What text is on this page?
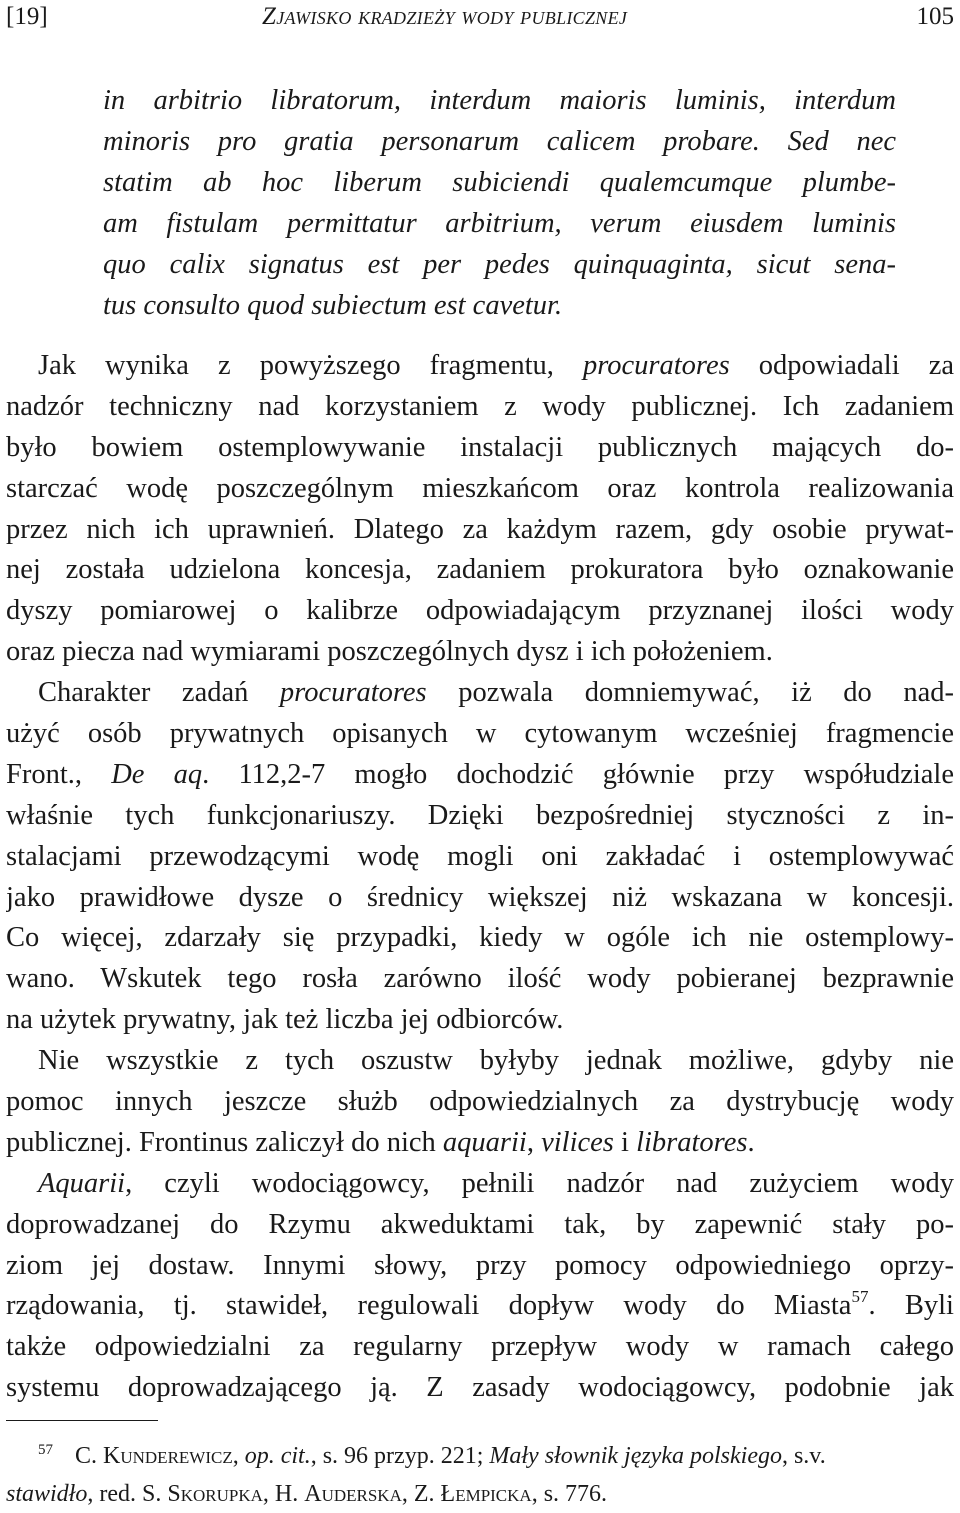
[19]	Zjawisko kradzieży wody publicznej	105
in arbitrio libratorum, interdum maioris luminis, interdum
minoris pro gratia personarum calicem probare. Sed nec
statim ab hoc liberum subiciendi qualemcumque plumbe-
am fistulam permittatur arbitrium, verum eiusdem luminis
quo calix signatus est per pedes quinquaginta, sicut sena-
tus consulto quod subiectum est cavetur.
Jak wynika z powyższego fragmentu, procuratores odpowiadali za
nadzór techniczny nad korzystaniem z wody publicznej. Ich zadaniem
było bowiem ostemplowywanie instalacji publicznych mających do-
starczać wodę poszczególnym mieszkańcom oraz kontrola realizowania
przez nich ich uprawnień. Dlatego za każdym razem, gdy osobie prywat-
nej została udzielona koncesja, zadaniem prokuratora było oznakowanie
dyszy pomiarowej o kalibrze odpowiadającym przyznanej ilości wody
oraz piecza nad wymiarami poszczególnych dysz i ich położeniem.
Charakter zadań procuratores pozwala domniemywać, iż do nad-
użyć osób prywatnych opisanych w cytowanym wcześniej fragmencie
Front., De aq. 112,2-7 mogło dochodzić głównie przy współudziale
właśnie tych funkcjonariuszy. Dzięki bezpośredniej styczności z in-
stalacjami przewodzącymi wodę mogli oni zakładać i ostemplowywać
jako prawidłowe dysze o średnicy większej niż wskazana w koncesji.
Co więcej, zdarzały się przypadki, kiedy w ogóle ich nie ostemplowy-
wano. Wskutek tego rosła zarówno ilość wody pobieranej bezprawnie
na użytek prywatny, jak też liczba jej odbiorców.
Nie wszystkie z tych oszustw byłyby jednak możliwe, gdyby nie
pomoc innych jeszcze służb odpowiedzialnych za dystrybucję wody
publicznej. Frontinus zaliczył do nich aquarii, vilices i libratores.
Aquarii, czyli wodociągowcy, pełnili nadzór nad zużyciem wody
doprowadzanej do Rzymu akweduktami tak, by zapewnić stały po-
ziom jej dostaw. Innymi słowy, przy pomocy odpowiedniego oprzy-
rządowania, tj. stawideł, regulowali dopływ wody do Miasta$^{57}$. Byli
także odpowiedzialni za regularny przepływ wody w ramach całego
systemu doprowadzającego ją. Z zasady wodociągowcy, podobnie jak
$^{57}$ C. Kunderewicz, op. cit., s. 96 przyp. 221; Mały słownik języka polskiego, s.v.
stawidło, red. S. Skorupka, H. Auderska, Z. Łempicka, s. 776.
